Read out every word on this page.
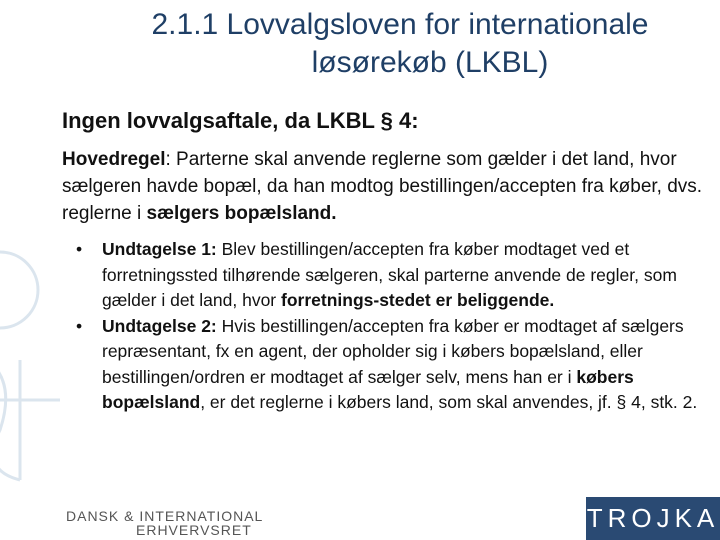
2.1.1 Lovvalgsloven for internationale
løsørekøb (LKBL)
Ingen lovvalgsaftale, da LKBL § 4:

Hovedregel: Parterne skal anvende reglerne som gælder i det land, hvor sælgeren havde bopæl, da han modtog bestillingen/accepten fra køber, dvs. reglerne i sælgers bopælsland.

• Undtagelse 1: Blev bestillingen/accepten fra køber modtaget ved et forretningssted tilhørende sælgeren, skal parterne anvende de regler, som gælder i det land, hvor forretnings-stedet er beliggende.
• Undtagelse 2: Hvis bestillingen/accepten fra køber er modtaget af sælgers repræsentant, fx en agent, der opholder sig i købers bopælsland, eller bestillingen/ordren er modtaget af sælger selv, mens han er i købers bopælsland, er det reglerne i købers land, som skal anvendes, jf. § 4, stk. 2.
DANSK & INTERNATIONAL
ERHVERVSRET	TROJKA
